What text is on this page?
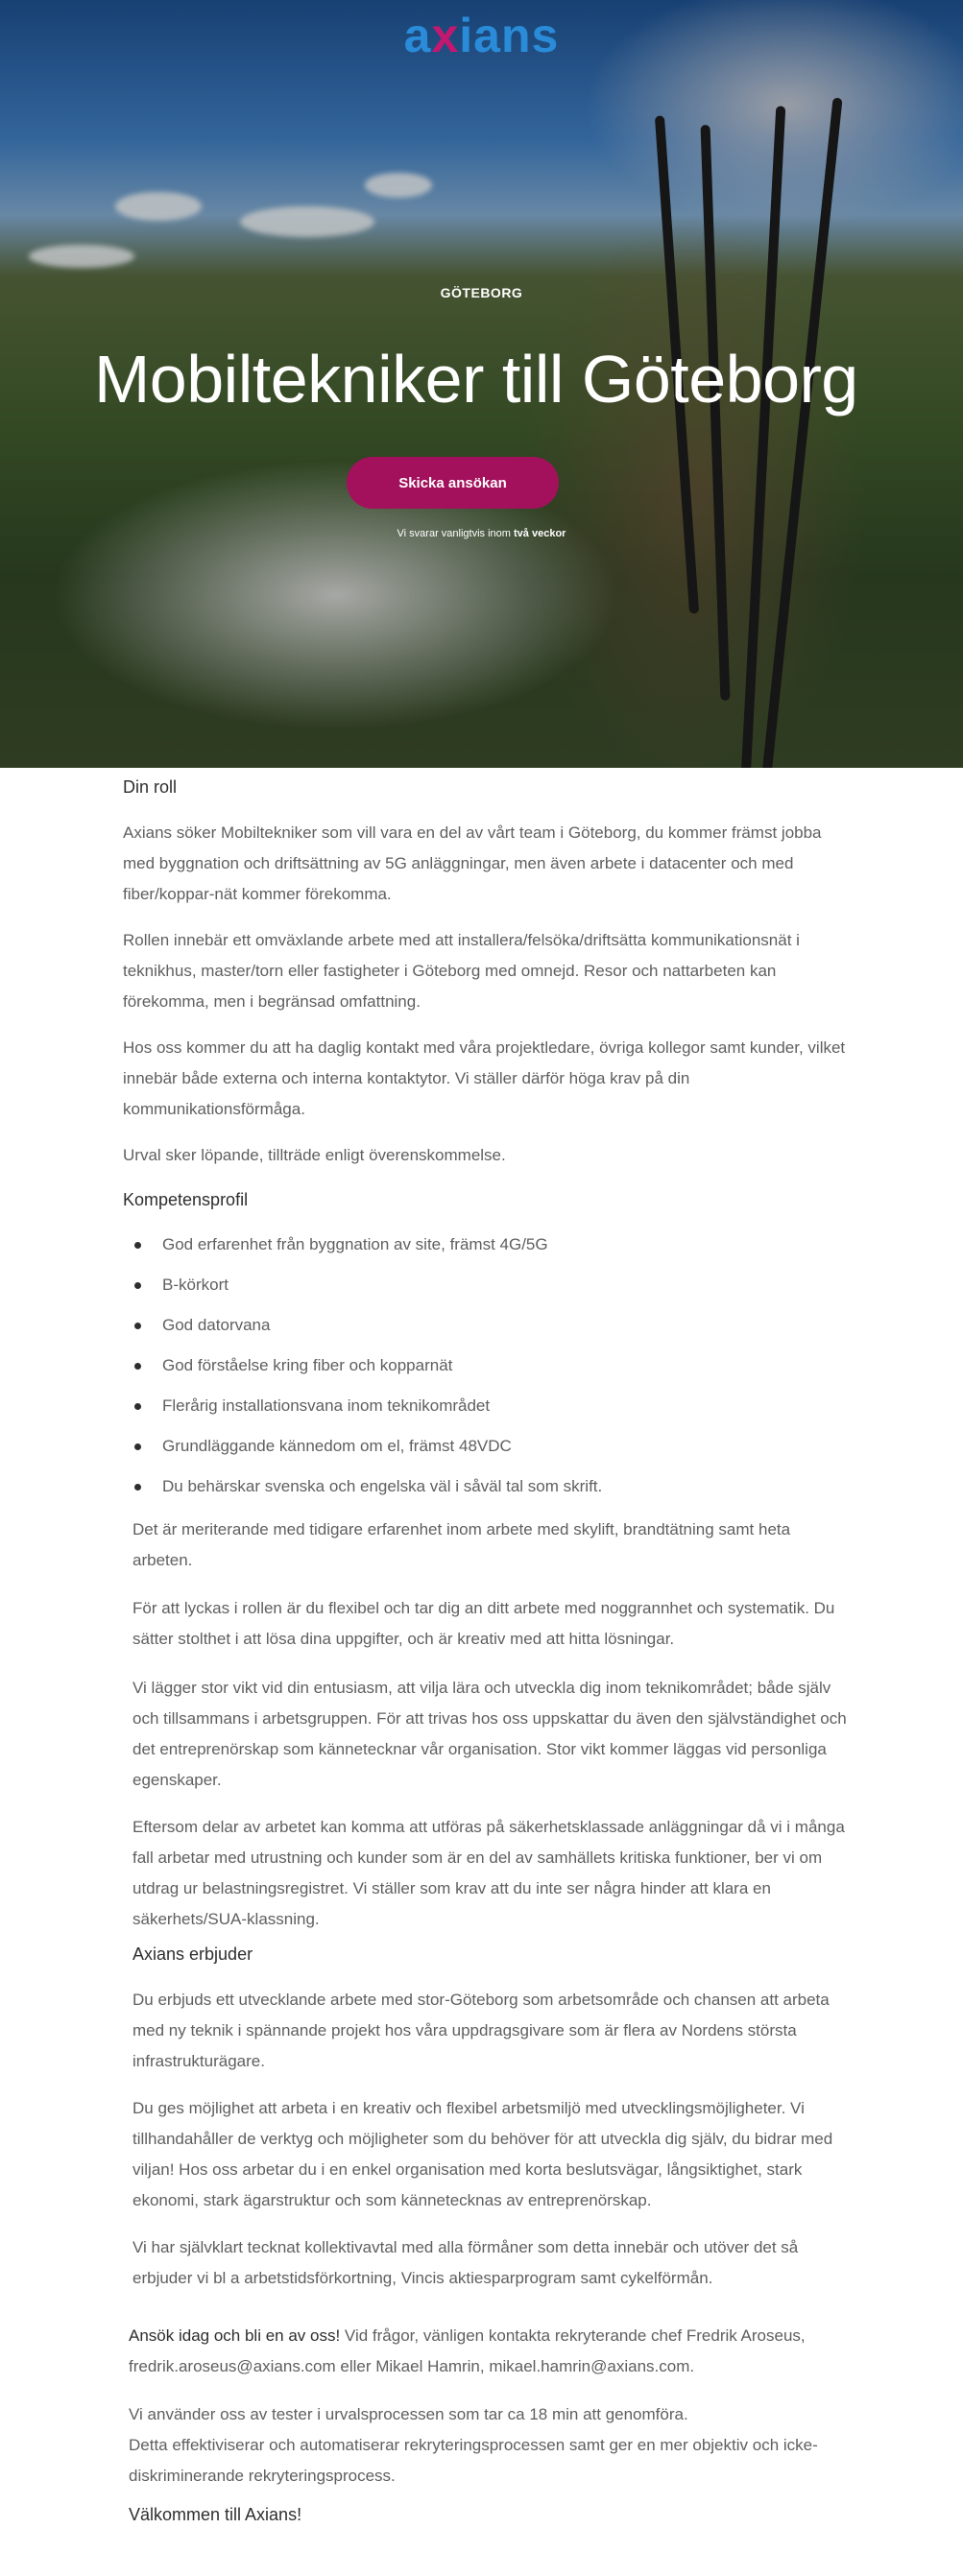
axians
GÖTEBORG
Mobiltekniker till Göteborg
Skicka ansökan
Vi svarar vanligtvis inom två veckor
Din roll

Axians söker Mobiltekniker som vill vara en del av vårt team i Göteborg, du kommer främst jobba med byggnation och driftsättning av 5G anläggningar, men även arbete i datacenter och med fiber/koppar-nät kommer förekomma.

Rollen innebär ett omväxlande arbete med att installera/felsöka/driftsätta kommunikationsnät i teknikhus, master/torn eller fastigheter i Göteborg med omnejd. Resor och nattarbeten kan förekomma, men i begränsad omfattning.

Hos oss kommer du att ha daglig kontakt med våra projektledare, övriga kollegor samt kunder, vilket innebär både externa och interna kontaktytor. Vi ställer därför höga krav på din kommunikationsförmåga.

Urval sker löpande, tillträde enligt överenskommelse.

Kompetensprofil
God erfarenhet från byggnation av site, främst 4G/5G
B-körkort
God datorvana
God förståelse kring fiber och kopparnät
Flerårig installationsvana inom teknikområdet
Grundläggande kännedom om el, främst 48VDC
Du behärskar svenska och engelska väl i såväl tal som skrift.

Det är meriterande med tidigare erfarenhet inom arbete med skylift, brandtätning samt heta arbeten.

För att lyckas i rollen är du flexibel och tar dig an ditt arbete med noggrannhet och systematik. Du sätter stolthet i att lösa dina uppgifter, och är kreativ med att hitta lösningar.

Vi lägger stor vikt vid din entusiasm, att vilja lära och utveckla dig inom teknikområdet; både själv och tillsammans i arbetsgruppen. För att trivas hos oss uppskattar du även den självständighet och det entreprenörskap som kännetecknar vår organisation. Stor vikt kommer läggas vid personliga egenskaper.

Eftersom delar av arbetet kan komma att utföras på säkerhetsklassade anläggningar då vi i många fall arbetar med utrustning och kunder som är en del av samhällets kritiska funktioner, ber vi om utdrag ur belastningsregistret. Vi ställer som krav att du inte ser några hinder att klara en säkerhets/SUA-klassning.

Axians erbjuder

Du erbjuds ett utvecklande arbete med stor-Göteborg som arbetsområde och chansen att arbeta med ny teknik i spännande projekt hos våra uppdragsgivare som är flera av Nordens största infrastrukturägare.

Du ges möjlighet att arbeta i en kreativ och flexibel arbetsmiljö med utvecklingsmöjligheter. Vi tillhandahåller de verktyg och möjligheter som du behöver för att utveckla dig själv, du bidrar med viljan! Hos oss arbetar du i en enkel organisation med korta beslutsvägar, långsiktighet, stark ekonomi, stark ägarstruktur och som kännetecknas av entreprenörskap.

Vi har självklart tecknat kollektivavtal med alla förmåner som detta innebär och utöver det så erbjuder vi bl a arbetstidsförkortning, Vincis aktiesparprogram samt cykelförmån.

Ansök idag och bli en av oss! Vid frågor, vänligen kontakta rekryterande chef Fredrik Aroseus, fredrik.aroseus@axians.com eller Mikael Hamrin, mikael.hamrin@axians.com.

Vi använder oss av tester i urvalsprocessen som tar ca 18 min att genomföra.
Detta effektiviserar och automatiserar rekryteringsprocessen samt ger en mer objektiv och icke-diskriminerande rekryteringsprocess.

Välkommen till Axians!
